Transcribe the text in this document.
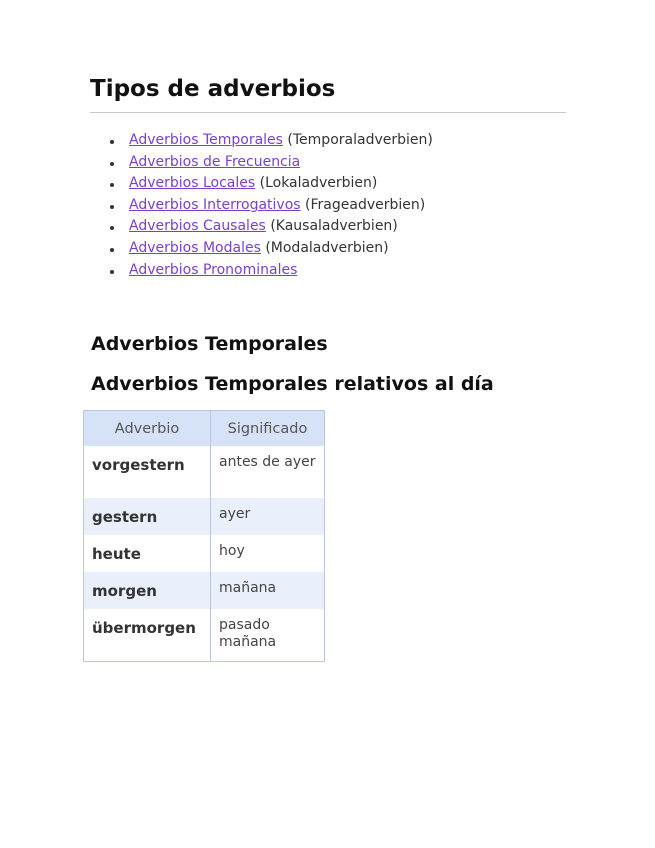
Tipos de adverbios
Adverbios Temporales (Temporaladverbien)
Adverbios de Frecuencia
Adverbios Locales (Lokaladverbien)
Adverbios Interrogativos (Frageadverbien)
Adverbios Causales (Kausaladverbien)
Adverbios Modales (Modaladverbien)
Adverbios Pronominales
Adverbios Temporales
Adverbios Temporales relativos al día
Adverbio	Significado
vorgestern	antes de ayer
gestern	ayer
heute	hoy
morgen	mañana
übermorgen	pasado mañana
